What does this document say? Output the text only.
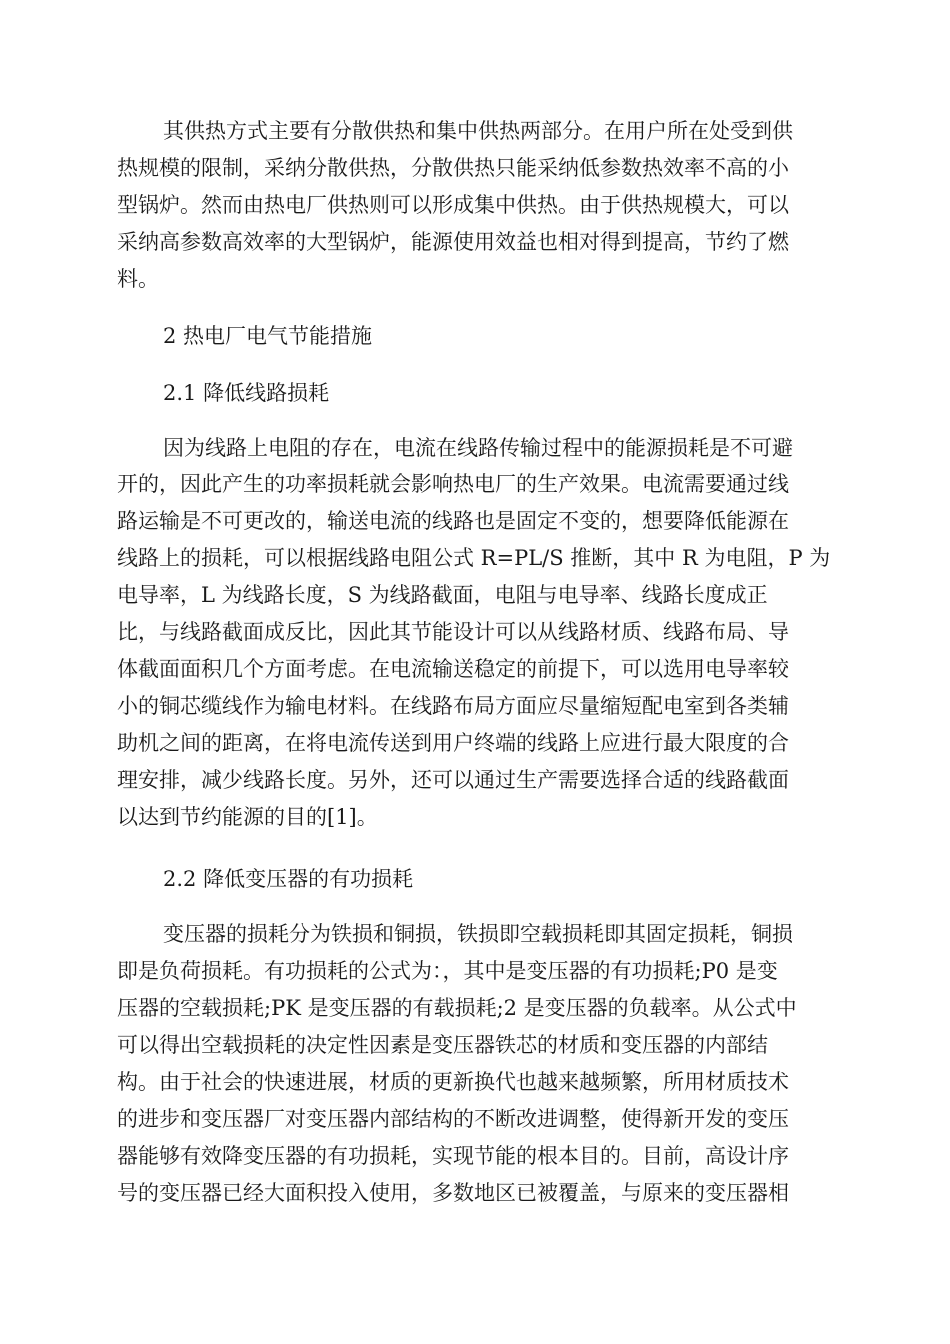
其供热方式主要有分散供热和集中供热两部分。在用户所在处受到供
热规模的限制，采纳分散供热，分散供热只能采纳低参数热效率不高的小
型锅炉。然而由热电厂供热则可以形成集中供热。由于供热规模大，可以
采纳高参数高效率的大型锅炉，能源使用效益也相对得到提高，节约了燃
料。
2 热电厂电气节能措施
2.1 降低线路损耗
因为线路上电阻的存在，电流在线路传输过程中的能源损耗是不可避
开的，因此产生的功率损耗就会影响热电厂的生产效果。电流需要通过线
路运输是不可更改的，输送电流的线路也是固定不变的，想要降低能源在
线路上的损耗，可以根据线路电阻公式 R=PL/S 推断，其中 R 为电阻，P 为
电导率，L 为线路长度，S 为线路截面，电阻与电导率、线路长度成正
比，与线路截面成反比，因此其节能设计可以从线路材质、线路布局、导
体截面面积几个方面考虑。在电流输送稳定的前提下，可以选用电导率较
小的铜芯缆线作为输电材料。在线路布局方面应尽量缩短配电室到各类辅
助机之间的距离，在将电流传送到用户终端的线路上应进行最大限度的合
理安排，减少线路长度。另外，还可以通过生产需要选择合适的线路截面
以达到节约能源的目的[1]。
2.2 降低变压器的有功损耗
变压器的损耗分为铁损和铜损，铁损即空载损耗即其固定损耗，铜损
即是负荷损耗。有功损耗的公式为：，其中是变压器的有功损耗;P0 是变
压器的空载损耗;PK 是变压器的有载损耗;2 是变压器的负载率。从公式中
可以得出空载损耗的决定性因素是变压器铁芯的材质和变压器的内部结
构。由于社会的快速进展，材质的更新换代也越来越频繁，所用材质技术
的进步和变压器厂对变压器内部结构的不断改进调整，使得新开发的变压
器能够有效降变压器的有功损耗，实现节能的根本目的。目前，高设计序
号的变压器已经大面积投入使用，多数地区已被覆盖，与原来的变压器相
